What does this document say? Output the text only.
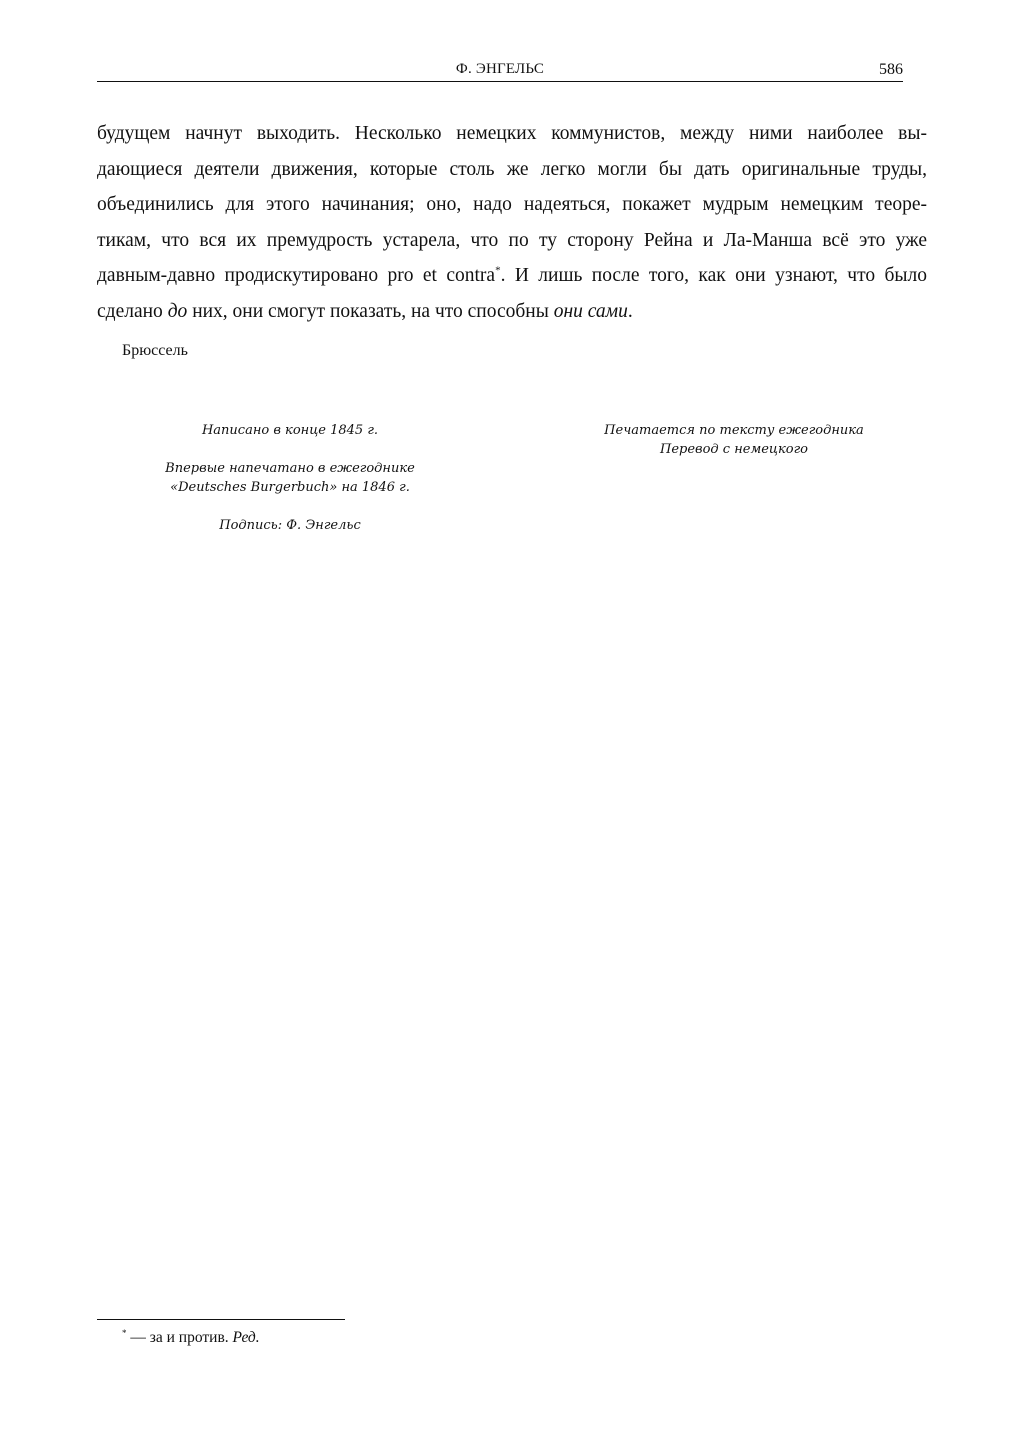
Ф. ЭНГЕЛЬС	586
будущем начнут выходить. Несколько немецких коммунистов, между ними наиболее вы-
дающиеся деятели движения, которые столь же легко могли бы дать оригинальные труды,
объединились для этого начинания; оно, надо надеяться, покажет мудрым немецким теоре-
тикам, что вся их премудрость устарела, что по ту сторону Рейна и Ла-Манша всё это уже
давным-давно продискутировано pro et contra*. И лишь после того, как они узнают, что было
сделано до них, они смогут показать, на что способны они сами.
Брюссель
Написано в конце 1845 г.
Впервые напечатано в ежегоднике
«Deutsches Burgerbuch» на 1846 г.
Подпись: Ф. Энгельс
Печатается по тексту ежегодника
Перевод с немецкого
* — за и против. Ред.
